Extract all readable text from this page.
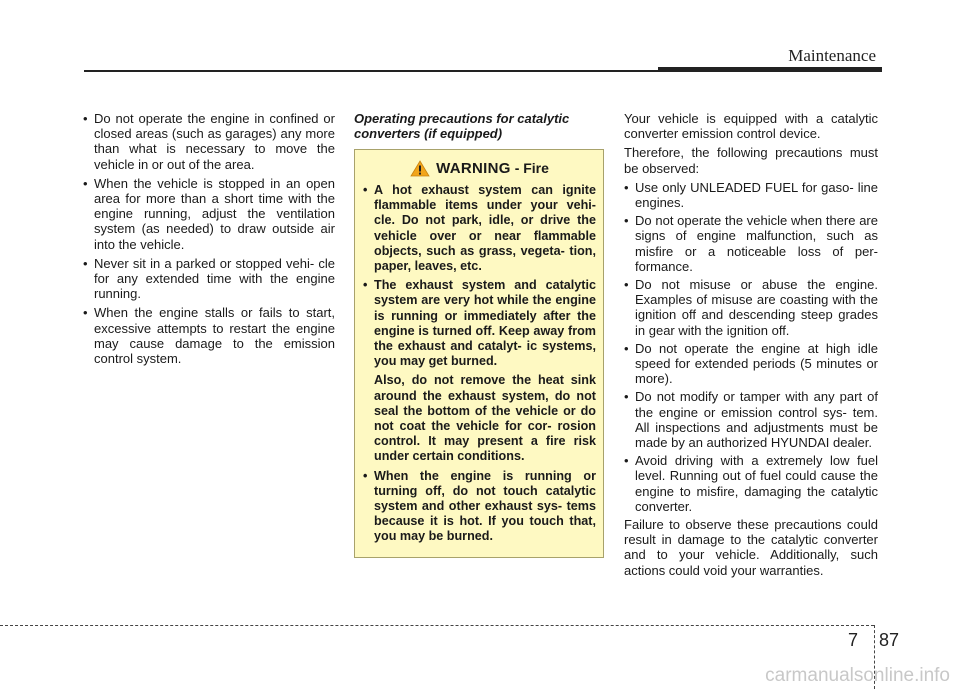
Maintenance
• Do not operate the engine in confined or closed areas (such as garages) any more than what is necessary to move the vehicle in or out of the area.
• When the vehicle is stopped in an open area for more than a short time with the engine running, adjust the ventilation system (as needed) to draw outside air into the vehicle.
• Never sit in a parked or stopped vehi- cle for any extended time with the engine running.
• When the engine stalls or fails to start, excessive attempts to restart the engine may cause damage to the emission control system.
Operating precautions for catalytic converters (if equipped)
WARNING - Fire
• A hot exhaust system can ignite flammable items under your vehi- cle. Do not park, idle, or drive the vehicle over or near flammable objects, such as grass, vegeta- tion, paper, leaves, etc.
• The exhaust system and catalytic system are very hot while the engine is running or immediately after the engine is turned off. Keep away from the exhaust and catalyt- ic systems, you may get burned.
Also, do not remove the heat sink around the exhaust system, do not seal the bottom of the vehicle or do not coat the vehicle for cor- rosion control. It may present a fire risk under certain conditions.
• When the engine is running or turning off, do not touch catalytic system and other exhaust sys- tems because it is hot. If you touch that, you may be burned.

Your vehicle is equipped with a catalytic converter emission control device.

Therefore, the following precautions must be observed:

• Use only UNLEADED FUEL for gaso- line engines.
• Do not operate the vehicle when there are signs of engine malfunction, such as misfire or a noticeable loss of per- formance.
• Do not misuse or abuse the engine. Examples of misuse are coasting with the ignition off and descending steep grades in gear with the ignition off.
• Do not operate the engine at high idle speed for extended periods (5 minutes or more).
• Do not modify or tamper with any part of the engine or emission control sys- tem. All inspections and adjustments must be made by an authorized HYUNDAI dealer.
• Avoid driving with a extremely low fuel level. Running out of fuel could cause the engine to misfire, damaging the catalytic converter.

Failure to observe these precautions could result in damage to the catalytic converter and to your vehicle. Additionally, such actions could void your warranties.

7 87
carmanualsonline.info
